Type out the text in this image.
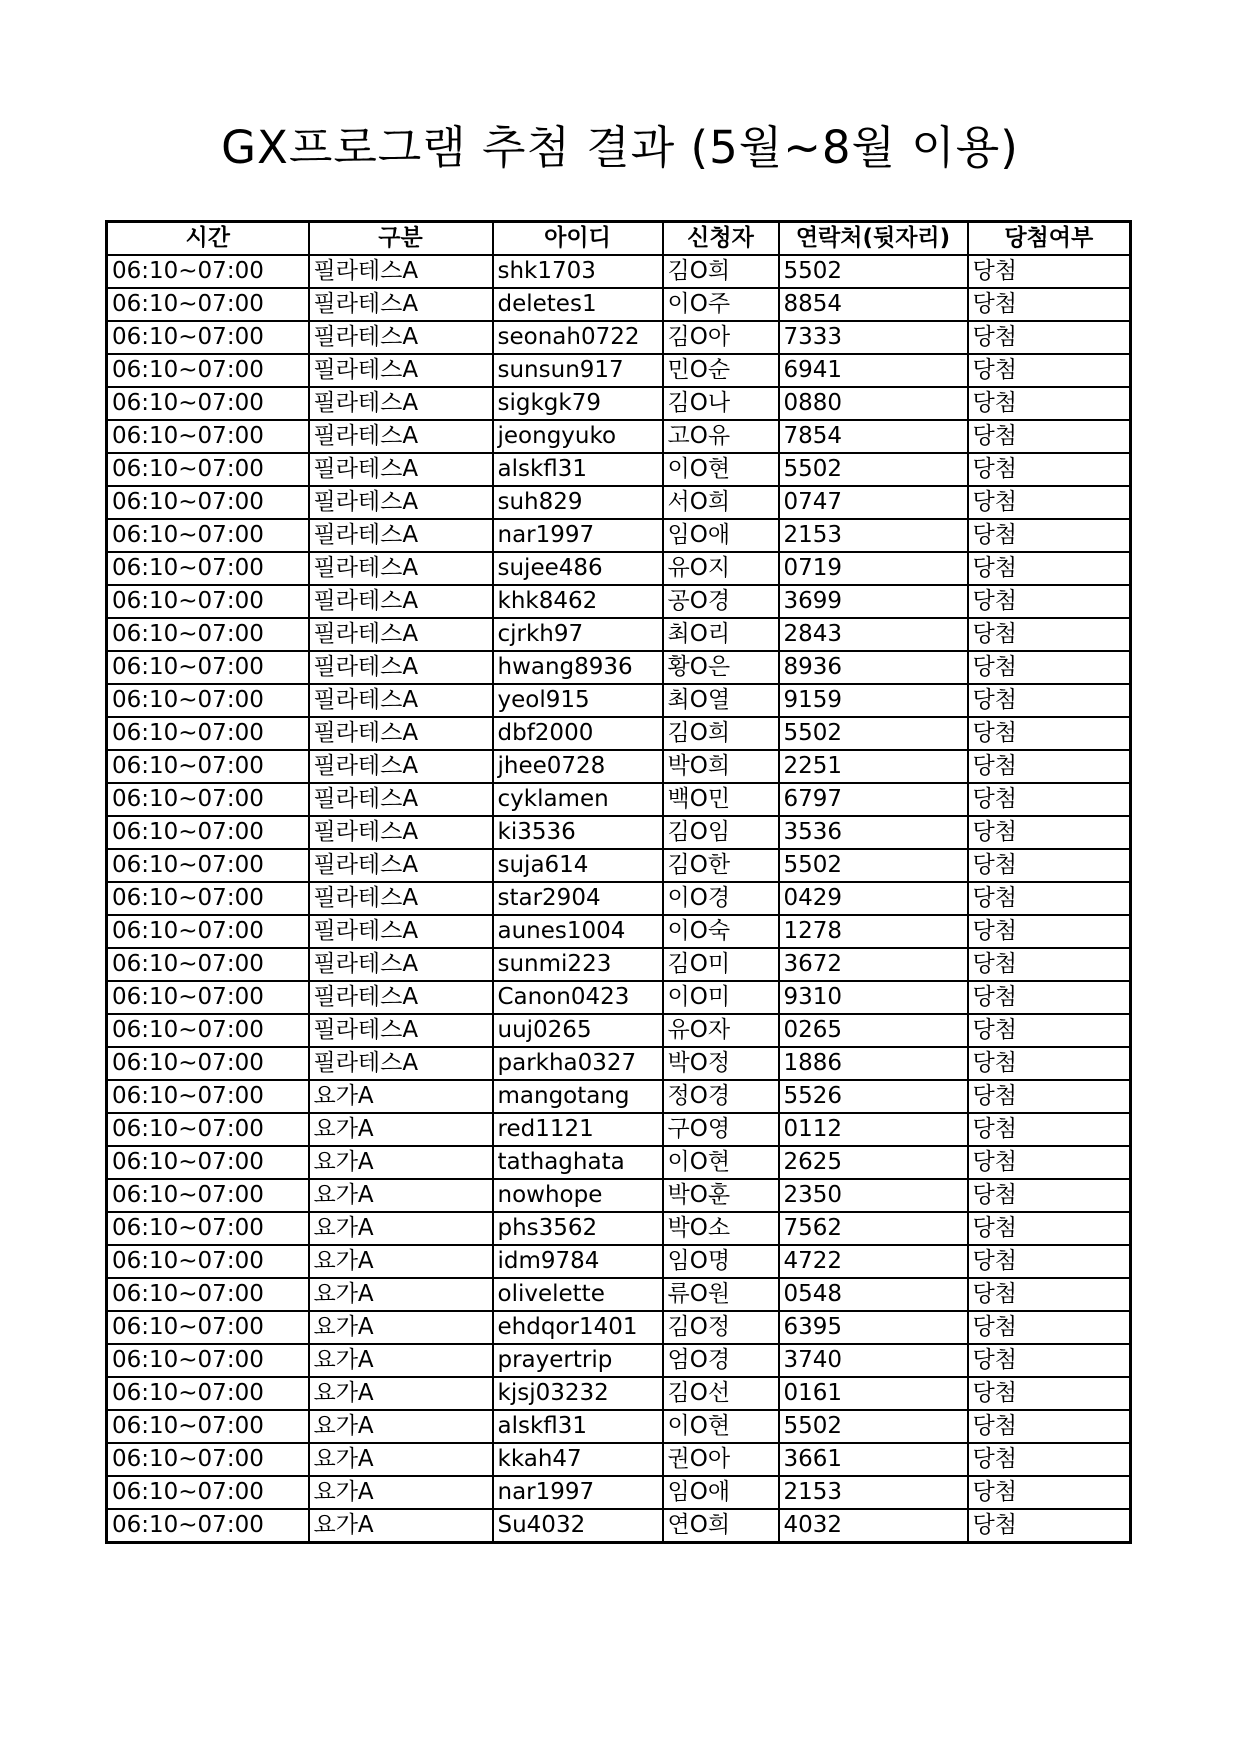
GX프로그램 추첨 결과 (5월~8월 이용)
시간	구분	아이디	신청자	연락처(뒷자리)	당첨여부
06:10~07:00	필라테스A	shk1703	김O희	5502	당첨
06:10~07:00	필라테스A	deletes1	이O주	8854	당첨
06:10~07:00	필라테스A	seonah0722	김O아	7333	당첨
06:10~07:00	필라테스A	sunsun917	민O순	6941	당첨
06:10~07:00	필라테스A	sigkgk79	김O나	0880	당첨
06:10~07:00	필라테스A	jeongyuko	고O유	7854	당첨
06:10~07:00	필라테스A	alskfl31	이O현	5502	당첨
06:10~07:00	필라테스A	suh829	서O희	0747	당첨
06:10~07:00	필라테스A	nar1997	임O애	2153	당첨
06:10~07:00	필라테스A	sujee486	유O지	0719	당첨
06:10~07:00	필라테스A	khk8462	공O경	3699	당첨
06:10~07:00	필라테스A	cjrkh97	최O리	2843	당첨
06:10~07:00	필라테스A	hwang8936	황O은	8936	당첨
06:10~07:00	필라테스A	yeol915	최O열	9159	당첨
06:10~07:00	필라테스A	dbf2000	김O희	5502	당첨
06:10~07:00	필라테스A	jhee0728	박O희	2251	당첨
06:10~07:00	필라테스A	cyklamen	백O민	6797	당첨
06:10~07:00	필라테스A	ki3536	김O임	3536	당첨
06:10~07:00	필라테스A	suja614	김O한	5502	당첨
06:10~07:00	필라테스A	star2904	이O경	0429	당첨
06:10~07:00	필라테스A	aunes1004	이O숙	1278	당첨
06:10~07:00	필라테스A	sunmi223	김O미	3672	당첨
06:10~07:00	필라테스A	Canon0423	이O미	9310	당첨
06:10~07:00	필라테스A	uuj0265	유O자	0265	당첨
06:10~07:00	필라테스A	parkha0327	박O정	1886	당첨
06:10~07:00	요가A	mangotang	정O경	5526	당첨
06:10~07:00	요가A	red1121	구O영	0112	당첨
06:10~07:00	요가A	tathaghata	이O현	2625	당첨
06:10~07:00	요가A	nowhope	박O훈	2350	당첨
06:10~07:00	요가A	phs3562	박O소	7562	당첨
06:10~07:00	요가A	idm9784	임O명	4722	당첨
06:10~07:00	요가A	olivelette	류O원	0548	당첨
06:10~07:00	요가A	ehdqor1401	김O정	6395	당첨
06:10~07:00	요가A	prayertrip	엄O경	3740	당첨
06:10~07:00	요가A	kjsj03232	김O선	0161	당첨
06:10~07:00	요가A	alskfl31	이O현	5502	당첨
06:10~07:00	요가A	kkah47	권O아	3661	당첨
06:10~07:00	요가A	nar1997	임O애	2153	당첨
06:10~07:00	요가A	Su4032	연O희	4032	당첨
